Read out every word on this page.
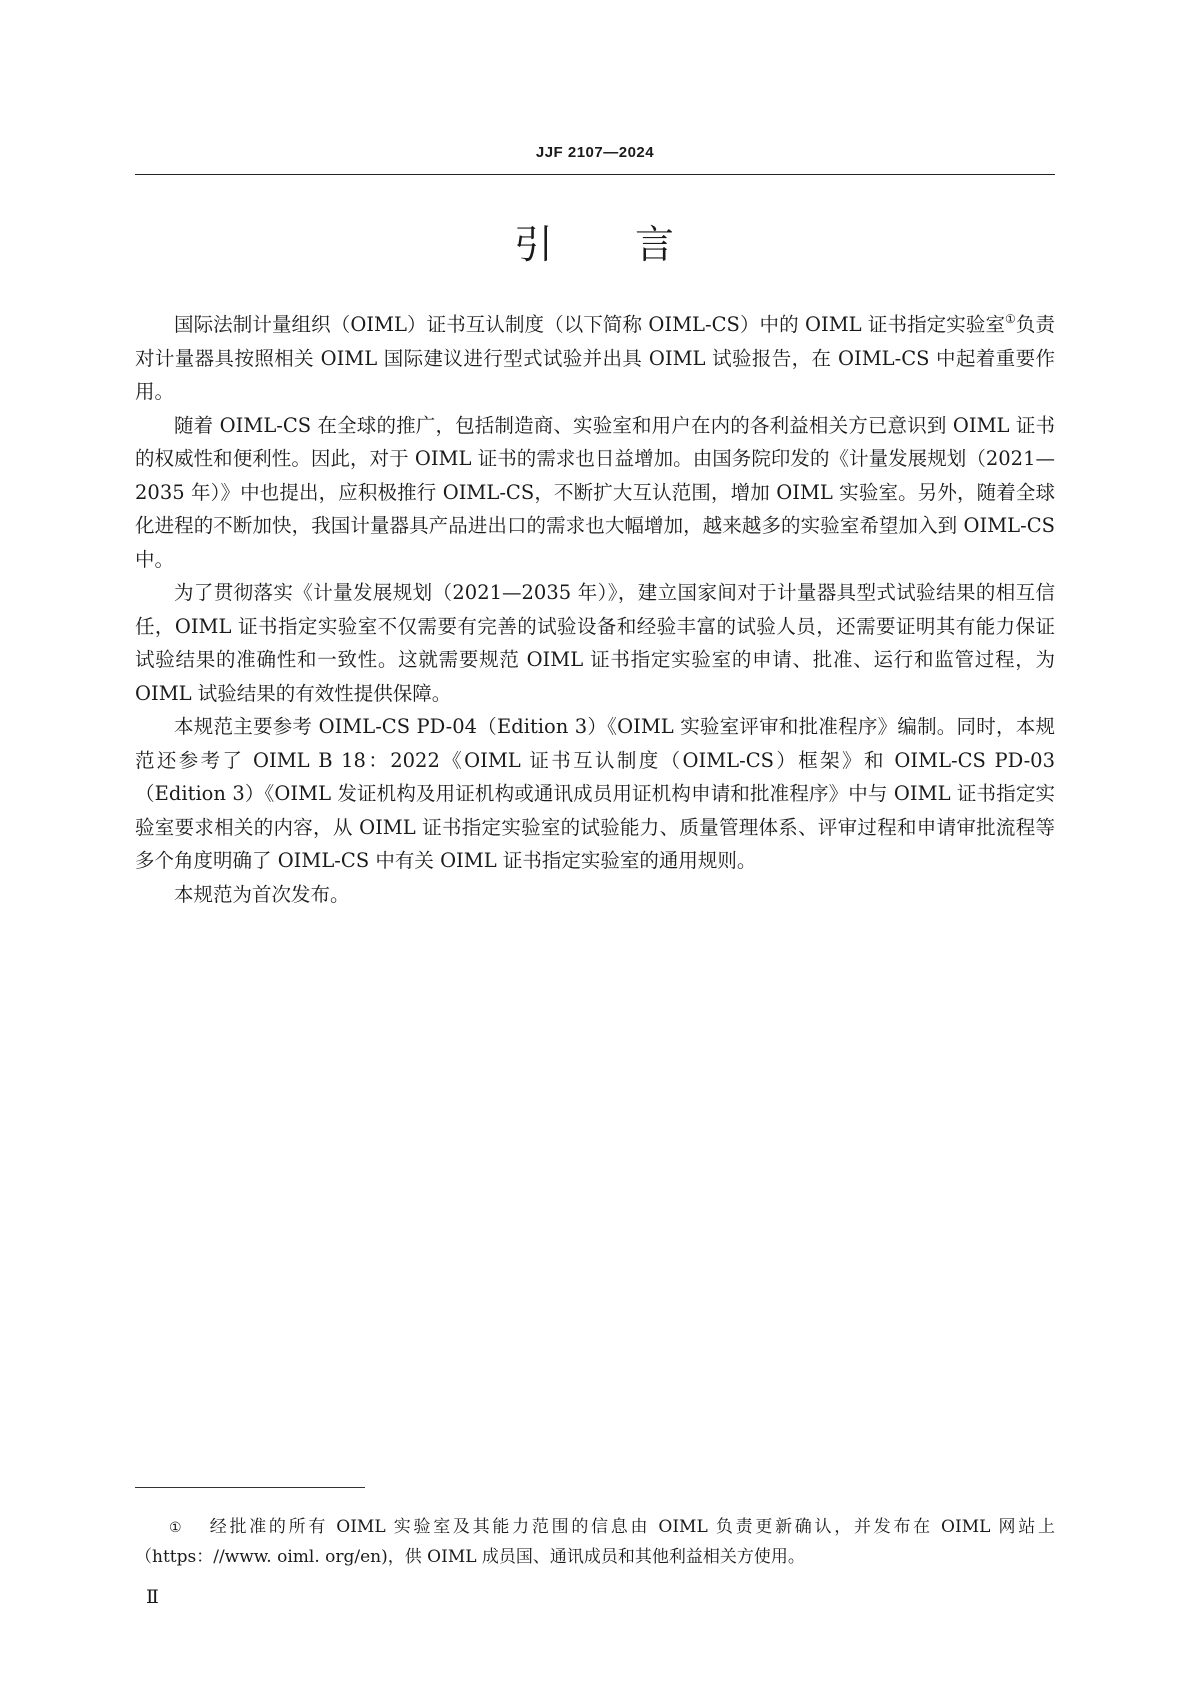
JJF 2107—2024
引 言

国际法制计量组织（OIML）证书互认制度（以下简称 OIML-CS）中的 OIML 证书指定实验室①负责对计量器具按照相关 OIML 国际建议进行型式试验并出具 OIML 试验报告，在 OIML-CS 中起着重要作用。

随着 OIML-CS 在全球的推广，包括制造商、实验室和用户在内的各利益相关方已意识到 OIML 证书的权威性和便利性。因此，对于 OIML 证书的需求也日益增加。由国务院印发的《计量发展规划（2021—2035 年）》中也提出，应积极推行 OIML-CS，不断扩大互认范围，增加 OIML 实验室。另外，随着全球化进程的不断加快，我国计量器具产品进出口的需求也大幅增加，越来越多的实验室希望加入到 OIML-CS 中。

为了贯彻落实《计量发展规划（2021—2035 年）》，建立国家间对于计量器具型式试验结果的相互信任，OIML 证书指定实验室不仅需要有完善的试验设备和经验丰富的试验人员，还需要证明其有能力保证试验结果的准确性和一致性。这就需要规范 OIML 证书指定实验室的申请、批准、运行和监管过程，为 OIML 试验结果的有效性提供保障。

本规范主要参考 OIML-CS PD-04（Edition 3）《OIML 实验室评审和批准程序》编制。同时，本规范还参考了 OIML B 18：2022《OIML 证书互认制度（OIML-CS）框架》和 OIML-CS PD-03（Edition 3）《OIML 发证机构及用证机构或通讯成员用证机构申请和批准程序》中与 OIML 证书指定实验室要求相关的内容，从 OIML 证书指定实验室的试验能力、质量管理体系、评审过程和申请审批流程等多个角度明确了 OIML-CS 中有关 OIML 证书指定实验室的通用规则。

本规范为首次发布。

① 经批准的所有 OIML 实验室及其能力范围的信息由 OIML 负责更新确认，并发布在 OIML 网站上（https：//www. oiml. org/en)，供 OIML 成员国、通讯成员和其他利益相关方使用。

Ⅱ
